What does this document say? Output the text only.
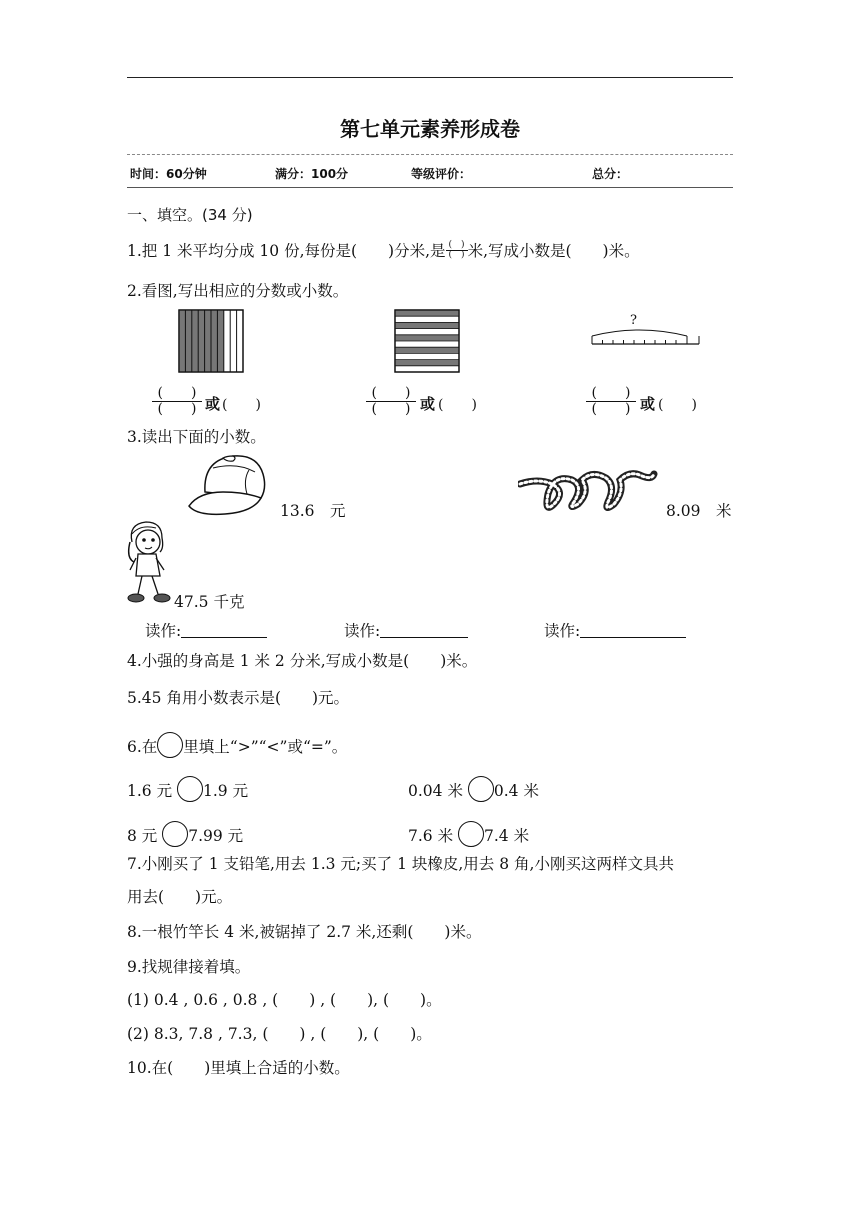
第七单元素养形成卷
时间：60分钟	满分：100分	等级评价：	总分：
一、填空。(34 分)
1.把 1 米平均分成 10 份,每份是(　　)分米,是 $\frac{( )}{( )}$ 米,写成小数是(　　)米。
2.看图,写出相应的分数或小数。
?
(　　)
(　　) 或 (　　)
(　　)
(　　) 或 (　　)
(　　)
(　　) 或 (　　)
3.读出下面的小数。
13.6　元	8.09　米
47.5 千克
读作:	读作:	读作:
4.小强的身高是 1 米 2 分米,写成小数是(　　)米。
5.45 角用小数表示是(　　)元。
6.在 里填上“>”“<”或“=”。
1.6 元 1.9 元	0.04 米 0.4 米
8 元 7.99 元	7.6 米 7.4 米
7.小刚买了 1 支铅笔,用去 1.3 元;买了 1 块橡皮,用去 8 角,小刚买这两样文具共
用去(　　)元。
8.一根竹竿长 4 米,被锯掉了 2.7 米,还剩(　　)米。
9.找规律接着填。
(1) 0.4 , 0.6 , 0.8 , (　　) , (　　), (　　)。
(2) 8.3, 7.8 , 7.3, (　　) , (　　), (　　)。
10.在(　　)里填上合适的小数。
